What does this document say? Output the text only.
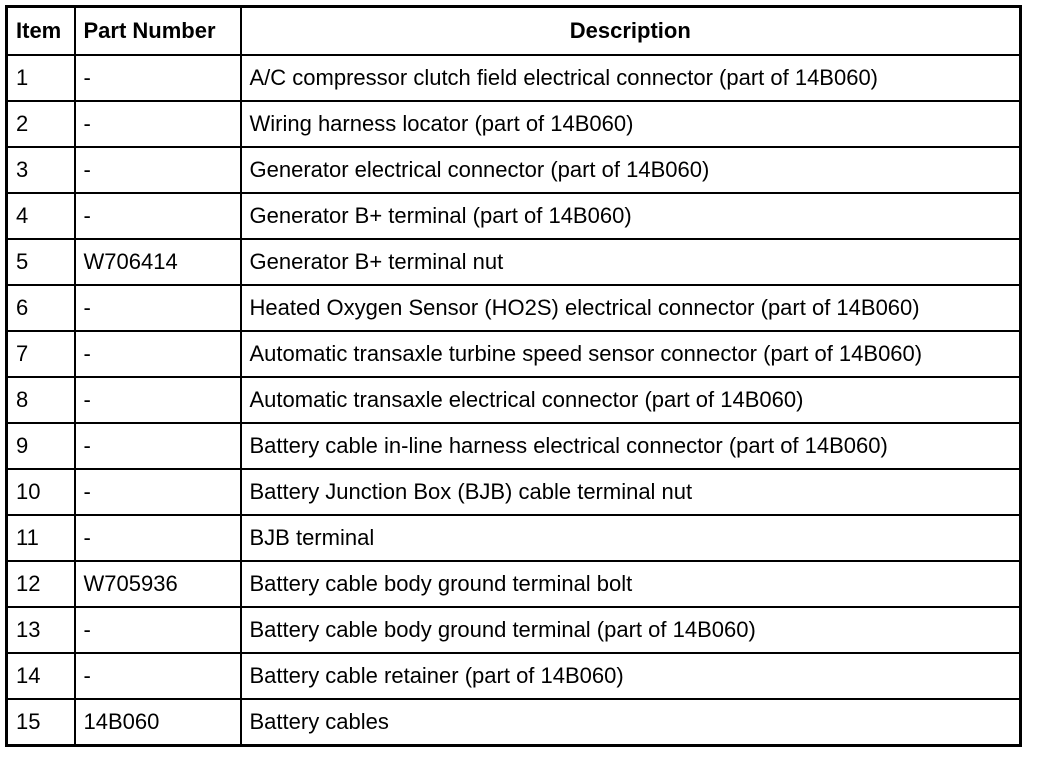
Item	Part Number	Description
1	-	A/C compressor clutch field electrical connector (part of 14B060)
2	-	Wiring harness locator (part of 14B060)
3	-	Generator electrical connector (part of 14B060)
4	-	Generator B+ terminal (part of 14B060)
5	W706414	Generator B+ terminal nut
6	-	Heated Oxygen Sensor (HO2S) electrical connector (part of 14B060)
7	-	Automatic transaxle turbine speed sensor connector (part of 14B060)
8	-	Automatic transaxle electrical connector (part of 14B060)
9	-	Battery cable in-line harness electrical connector (part of 14B060)
10	-	Battery Junction Box (BJB) cable terminal nut
11	-	BJB terminal
12	W705936	Battery cable body ground terminal bolt
13	-	Battery cable body ground terminal (part of 14B060)
14	-	Battery cable retainer (part of 14B060)
15	14B060	Battery cables
